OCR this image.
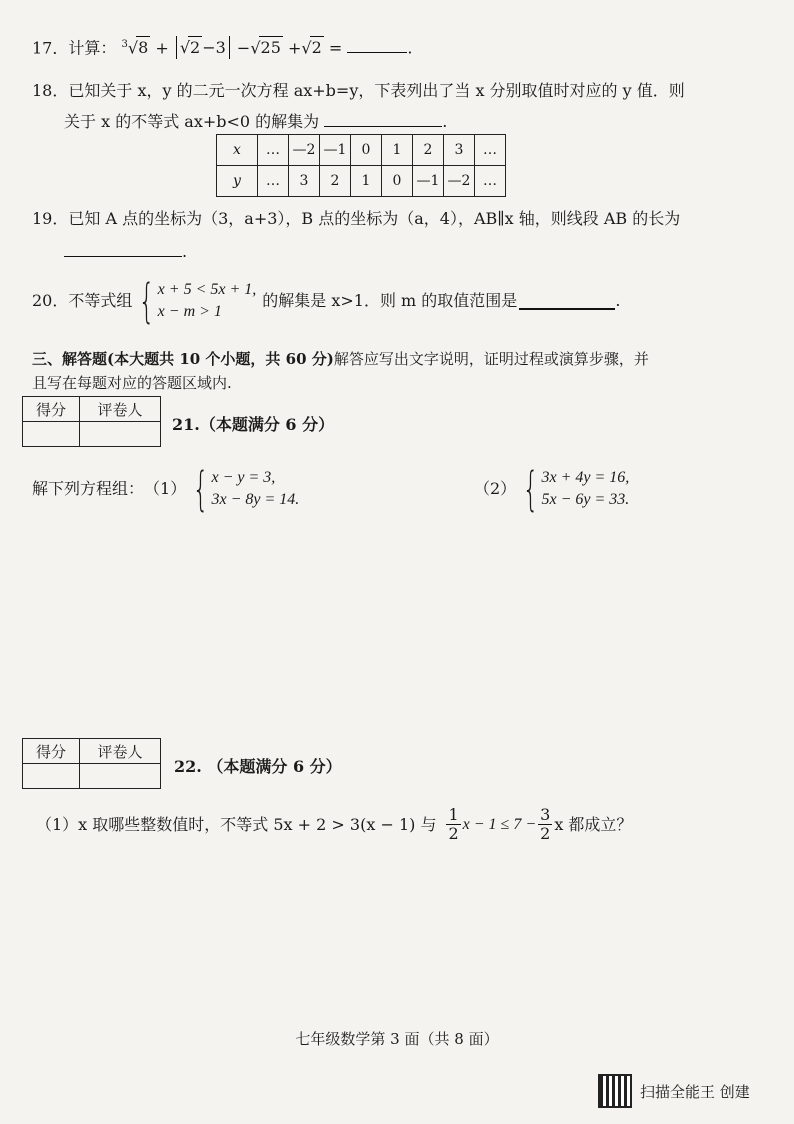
17．计算： $^3$√8 + √2 −3 −√25 +√2 =	.
18．已知关于 x，y 的二元一次方程 ax+b=y，下表列出了当 x 分别取值时对应的 y 值．则
关于 x 的不等式 ax+b<0 的解集为	.
x	…	—2	—1	0	1	2	3	…
y	…	3	2	1	0	—1	—2	…
19．已知 A 点的坐标为（3，a+3），B 点的坐标为（a，4），AB∥x 轴，则线段 AB 的长为
.
20． 不等式组 { x + 5 < 5x + 1,
x − m > 1
的解集是 x>1．则 m 的取值范围是	.
三、解答题(本大题共 10 个小题，共 60 分)解答应写出文字说明，证明过程或演算步骤，并
且写在每题对应的答题区域内.
得分	评卷人

21.（本题满分 6 分）
解下列方程组： （1） { x − y = 3,
3x − 8y = 14.
（2） { 3x + 4y = 16,
5x − 6y = 33.
得分	评卷人

22. （本题满分 6 分）
（1）x 取哪些整数值时，不等式 5x + 2 > 3(x − 1) 与 $\frac{1}{2}$ $x - 1 \le 7 - \frac{3}{2}$ x 都成立？
七年级数学第 3 面（共 8 面）
扫描全能王 创建
